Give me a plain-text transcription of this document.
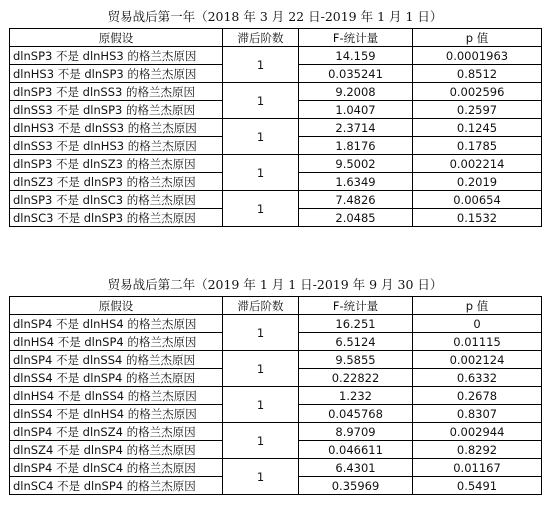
贸易战后第一年（2018 年 3 月 22 日-2019 年 1 月 1 日）
原假设	滞后阶数	F-统计量	p 值
dlnSP3 不是 dlnHS3 的格兰杰原因	1	14.159	0.0001963
dlnHS3 不是 dlnSP3 的格兰杰原因		0.035241	0.8512
dlnSP3 不是 dlnSS3 的格兰杰原因	1	9.2008	0.002596
dlnSS3 不是 dlnSP3 的格兰杰原因		1.0407	0.2597
dlnHS3 不是 dlnSS3 的格兰杰原因	1	2.3714	0.1245
dlnSS3 不是 dlnHS3 的格兰杰原因		1.8176	0.1785
dlnSP3 不是 dlnSZ3 的格兰杰原因	1	9.5002	0.002214
dlnSZ3 不是 dlnSP3 的格兰杰原因		1.6349	0.2019
dlnSP3 不是 dlnSC3 的格兰杰原因	1	7.4826	0.00654
dlnSC3 不是 dlnSP3 的格兰杰原因		2.0485	0.1532
贸易战后第二年（2019 年 1 月 1 日-2019 年 9 月 30 日）
原假设	滞后阶数	F-统计量	p 值
dlnSP4 不是 dlnHS4 的格兰杰原因	1	16.251	0
dlnHS4 不是 dlnSP4 的格兰杰原因		6.5124	0.01115
dlnSP4 不是 dlnSS4 的格兰杰原因	1	9.5855	0.002124
dlnSS4 不是 dlnSP4 的格兰杰原因		0.22822	0.6332
dlnHS4 不是 dlnSS4 的格兰杰原因	1	1.232	0.2678
dlnSS4 不是 dlnHS4 的格兰杰原因		0.045768	0.8307
dlnSP4 不是 dlnSZ4 的格兰杰原因	1	8.9709	0.002944
dlnSZ4 不是 dlnSP4 的格兰杰原因		0.046611	0.8292
dlnSP4 不是 dlnSC4 的格兰杰原因	1	6.4301	0.01167
dlnSC4 不是 dlnSP4 的格兰杰原因		0.35969	0.5491
